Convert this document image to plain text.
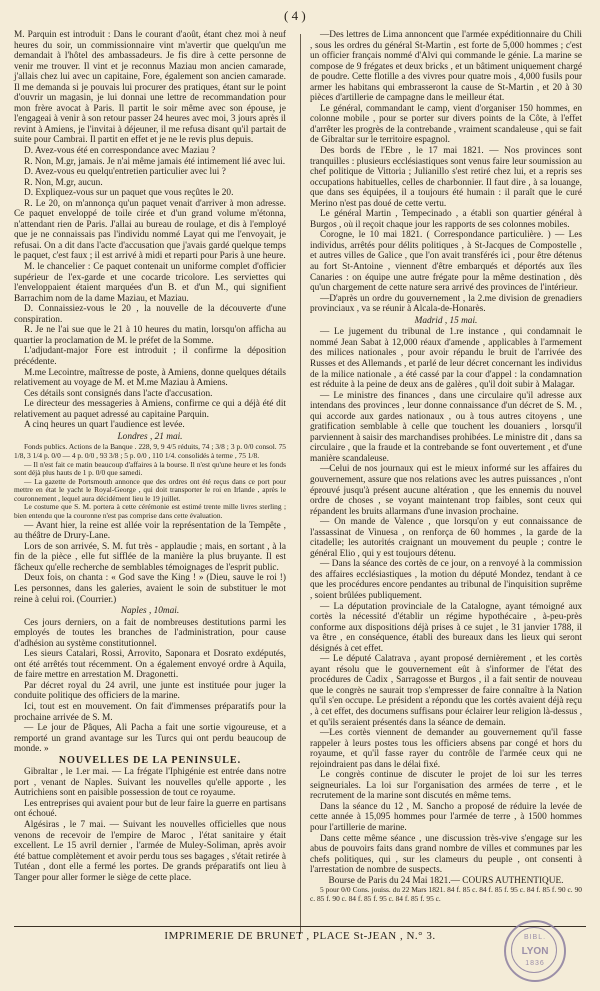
( 4 )

M. Parquin est introduit : Dans le courant d'août, étant chez moi à neuf heures du soir, un commissionnaire vint m'avertir que quelqu'un me demandait à l'hôtel des ambassadeurs. Je fis dire à cette personne de venir me trouver. Il vint et je reconnus Maziau mon ancien camarade, j'allais chez lui avec un capitaine, Fore, également son ancien camarade. Il me demanda si je pouvais lui procurer des pratiques, étant sur le point d'ouvrir un magasin, je lui donnai une lettre de recommandation pour mon frère avocat à Paris. Il partit le soir même avec son épouse, je l'engageai à venir à son retour passer 24 heures avec moi, 3 jours après il revint à Amiens, je l'invitai à déjeuner, il me refusa disant qu'il partait de suite pour Cambrai. Il partit en effet et je ne le revis plus depuis.

D. Avez-vous été en correspondance avec Maziau ?

R. Non, M.gr, jamais. Je n'ai même jamais été intimement lié avec lui.

D. Avez-vous eu quelqu'entretien particulier avec lui ?

R. Non, M.gr, aucun.

D. Expliquez-vous sur un paquet que vous reçûtes le 20.

R. Le 20, on m'annonça qu'un paquet venait d'arriver à mon adresse. Ce paquet enveloppé de toile cirée et d'un grand volume m'étonna, n'attendant rien de Paris. J'allai au bureau de roulage, et dis à l'employé que je ne connaissais pas l'individu nommé Layat qui me l'envoyait, je refusai. On a dit dans l'acte d'accusation que j'avais gardé quelque temps le paquet, c'est faux ; il est arrivé à midi et reparti pour Paris à une heure.

M. le chancelier : Ce paquet contenait un uniforme complet d'officier supérieur de l'ex-garde et une cocarde tricolore. Les serviettes qui l'enveloppaient étaient marquées d'un B. et d'un M., qui signifient Barrachim nom de la dame Maziau, et Maziau.

D. Connaissiez-vous le 20 , la nouvelle de la découverte d'une conspiration.

R. Je ne l'ai sue que le 21 à 10 heures du matin, lorsqu'on afficha au quartier la proclamation de M. le préfet de la Somme.

L'adjudant-major Fore est introduit ; il confirme la déposition précédente.

M.me Lecointre, maîtresse de poste, à Amiens, donne quelques détails relativement au voyage de M. et M.me Maziau à Amiens.

Ces détails sont consignés dans l'acte d'accusation.

Le directeur des messageries à Amiens, confirme ce qui a déjà été dit relativement au paquet adressé au capitaine Parquin.

A cinq heures un quart l'audience est levée.

Londres , 21 mai.

Fonds publics. Actions de la Banque . 228, 9, 9 4/5 réduits, 74 ; 3/8 ; 3 p. 0/0 consol. 75 1/8, 3 1/4 p. 0/0 — 4 p. 0/0 , 93 3/8 ; 5 p. 0/0 , 110 1/4. consolidés à terme , 75 1/8.

— Il n'est fait ce matin beaucoup d'affaires à la bourse. Il n'est qu'une heure et les fonds sont déjà plus hauts de 1 p. 0/0 que samedi.

— La gazette de Portsmouth annonce que des ordres ont été reçus dans ce port pour mettre en état le yacht le Royal-George , qui doit transporter le roi en Irlande , après le couronnement , lequel aura décidément lieu le 19 juillet.

Le costume que S. M. portera à cette cérémonie est estimé trente mille livres sterling ; bien entendu que la couronne n'est pas comprise dans cette évaluation.

— Avant hier, la reine est allée voir la représentation de la Tempête , au théâtre de Drury-Lane.

Lors de son arrivée, S. M. fut très - applaudie ; mais, en sortant , à la fin de la pièce , elle fut sifflée de la manière la plus bruyante. Il est fâcheux qu'elle recherche de semblables témoignages de l'esprit public.

Deux fois, on chanta : « God save the King ! » (Dieu, sauve le roi !) Les personnes, dans les galeries, avaient le soin de substituer le mot reine à celui roi. (Courrier.)

Naples , 10mai.

Ces jours derniers, on a fait de nombreuses destitutions parmi les employés de toutes les branches de l'administration, pour cause d'adhésion au système constitutionnel.

Les sieurs Catalari, Rossi, Arrovito, Saponara et Dosrato exdéputés, ont été arrêtés tout récemment. On a également envoyé ordre à Aquila, de faire mettre en arrestation M. Dragonetti.

Par décret royal du 24 avril, une junte est instituée pour juger la conduite politique des officiers de la marine.

Ici, tout est en mouvement. On fait d'immenses préparatifs pour la prochaine arrivée de S. M.

— Le jour de Pâques, Ali Pacha a fait une sortie vigoureuse, et a remporté un grand avantage sur les Turcs qui ont perdu beaucoup de monde. »

NOUVELLES DE LA PENINSULE.

Gibraltar , le 1.er mai. — La frégate l'Iphigénie est entrée dans notre port , venant de Naples. Suivant les nouvelles qu'elle apporte , les Autrichiens sont en paisible possession de tout ce royaume.

Les entreprises qui avaient pour but de leur faire la guerre en partisans ont échoué.

Algésiras , le 7 mai. — Suivant les nouvelles officielles que nous venons de recevoir de l'empire de Maroc , l'état sanitaire y était excellent. Le 15 avril dernier , l'armée de Muley-Soliman, après avoir été battue complètement et avoir perdu tous ses bagages , s'était retirée à Tutéan , dont elle a fermé les portes. De grands préparatifs ont lieu à Tanger pour aller former le siège de cette place.

—Des lettres de Lima annoncent que l'armée expéditionnaire du Chili , sous les ordres du général St-Martin , est forte de 5,000 hommes ; c'est un officier français nommé d'Alvi qui commande le génie. La marine se compose de 9 frégates et deux bricks , et un bâtiment uniquement chargé de poudre. Cette flotille a des vivres pour quatre mois , 4,000 fusils pour armer les habitans qui embrasseront la cause de St-Martin , et 20 à 30 pièces d'artillerie de campagne dans le meilleur état.

Le général, commandant le camp, vient d'organiser 150 hommes, en colonne mobile , pour se porter sur divers points de la Côte, à l'effet d'arrêter les progrès de la contrebande , vraiment scandaleuse , qui se fait de Gibraltar sur le territoire espagnol.

Des bords de l'Ebre , le 17 mai 1821. — Nos provinces sont tranquilles : plusieurs ecclésiastiques sont venus faire leur soumission au chef politique de Vittoria ; Julianillo s'est retiré chez lui, et a repris ses occupations habituelles, celles de charbonnier. Il faut dire , à sa louange, que dans ses équipées, il a toujours été humain : il paraît que le curé Merino n'est pas doué de cette vertu.

Le général Martin , Tempecinado , a établi son quartier général à Burgos , où il reçoit chaque jour les rapports de ses colonnes mobiles.

Corogne, le 10 mai 1821. ( Correspondance particulière. ) — Les individus, arrêtés pour délits politiques , à St-Jacques de Compostelle , et autres villes de Galice , que l'on avait transférés ici , pour être détenus au fort St-Antoine , viennent d'être embarqués et déportés aux îles Canaries : on équipe une autre frégate pour la même destination , dès qu'un chargement de cette nature sera arrivé des provinces de l'intérieur.

—D'après un ordre du gouvernement , la 2.me division de grenadiers provinciaux , va se réunir à Alcala-de-Honarès.

Madrid , 15 mai.

— Le jugement du tribunal de 1.re instance , qui condamnait le nommé Jean Sabat à 12,000 réaux d'amende , applicables à l'armement des milices nationales , pour avoir répandu le bruit de l'arrivée des Russes et des Allemands , et parlé de leur décret concernant les individus de la milice nationale , a été cassé par la cour d'appel : la condamnation est réduite à la peine de deux ans de galères , qu'il doit subir à Malagar.

— Le ministre des finances , dans une circulaire qu'il adresse aux intendans des provinces , leur donne connaissance d'un décret de S. M. , qui accorde aux gardes nationaux , ou à tous autres citoyens , une gratification semblable à celle que touchent les douaniers , lorsqu'il parviennent à saisir des marchandises prohibées. Le ministre dit , dans sa circulaire , que la fraude et la contrebande se font ouvertement , et d'une manière scandaleuse.

—Celui de nos journaux qui est le mieux informé sur les affaires du gouvernement, assure que nos relations avec les autres puissances , n'ont éprouvé jusqu'à présent aucune altération , que les ennemis du nouvel ordre de choses , se voyant maintenant trop faibles, sont ceux qui répandent les bruits allarmans d'une invasion prochaine.

— On mande de Valence , que lorsqu'on y eut connaissance de l'assassinat de Vinuesa , on renforça de 60 hommes , la garde de la citadelle; les autorités craignant un mouvement du peuple ; contre le général Elio , qui y est toujours détenu.

— Dans la séance des cortès de ce jour, on a renvoyé à la commission des affaires ecclésiastiques , la motion du député Mondez, tendant à ce que les procédures encore pendantes au tribunal de l'inquisition suprême , soient brûlées publiquement.

— La députation provinciale de la Catalogne, ayant témoigné aux cortès la nécessité d'établir un régime hypothécaire , à-peu-près conforme aux dispositions déjà prises à ce sujet , le 31 janvier 1788, il va être , en conséquence, établi des bureaux dans les lieux qui seront désignés à cet effet.

— Le député Calatrava , ayant proposé dernièrement , et les cortès ayant résolu que le gouvernement eût à s'informer de l'état des procédures de Cadix , Sarragosse et Burgos , il a fait sentir de nouveau que le congrès ne saurait trop s'empresser de faire connaître à la Nation qu'il s'en occupe. Le président a répondu que les cortès avaient déjà reçu , à cet effet, des documens suffisans pour éclairer leur religion là-dessus , et qu'ils seraient présentés dans la séance de demain.

—Les cortès viennent de demander au gouvernement qu'il fasse rappeler à leurs postes tous les officiers absens par congé et hors du royaume, et qu'il fasse rayer du contrôle de l'armée ceux qui ne rejoindraient pas dans le délai fixé.

Le congrès continue de discuter le projet de loi sur les terres seigneuriales. La loi sur l'organisation des armées de terre , et le recrutement de la marine sont discutés en même tems.

Dans la séance du 12 , M. Sancho a proposé de réduire la levée de cette année à 15,095 hommes pour l'armée de terre , à 1500 hommes pour l'artillerie de marine.

Dans cette même séance , une discussion très-vive s'engage sur les abus de pouvoirs faits dans grand nombre de villes et communes par les chefs politiques, qui , sur les clameurs du peuple , ont consenti à l'arrestation de nombre de suspects.

Bourse de Paris du 24 Mai 1821.— COURS AUTHENTIQUE.

5 pour 0/0 Cons. jouiss. du 22 Mars 1821. 84 f. 85 c. 84 f. 85 f. 95 c. 84 f. 85 f. 90 c. 90 c. 85 f. 90 c. 84 f. 85 f. 95 c. 84 f. 85 f. 95 c.

IMPRIMERIE DE BRUNET , PLACE St-JEAN , N.° 3.	BIBL.
LYON
1836
